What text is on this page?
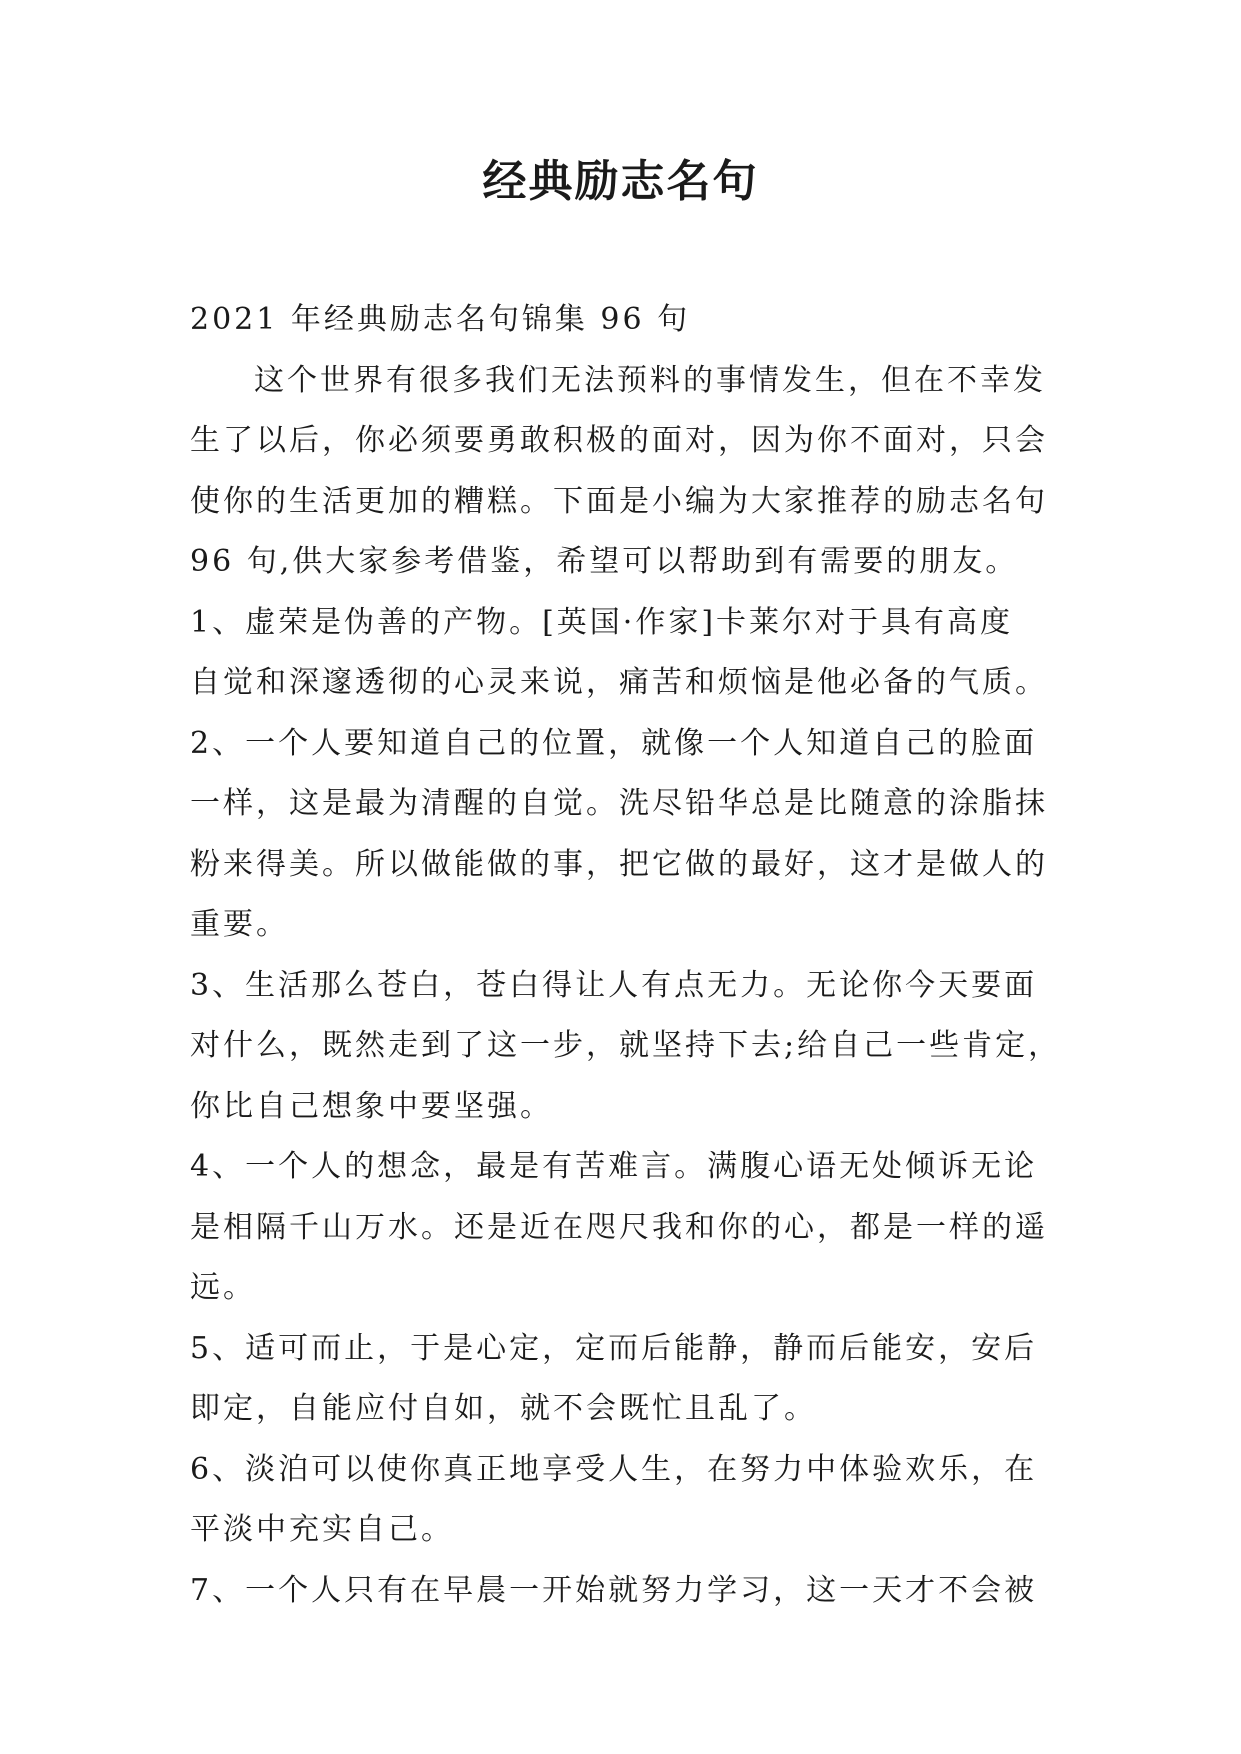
经典励志名句
2021 年经典励志名句锦集 96 句
这个世界有很多我们无法预料的事情发生，但在不幸发
生了以后，你必须要勇敢积极的面对，因为你不面对，只会
使你的生活更加的糟糕。下面是小编为大家推荐的励志名句
96 句,供大家参考借鉴，希望可以帮助到有需要的朋友。
1、虚荣是伪善的产物。[英国·作家]卡莱尔对于具有高度
自觉和深邃透彻的心灵来说，痛苦和烦恼是他必备的气质。
2、一个人要知道自己的位置，就像一个人知道自己的脸面
一样，这是最为清醒的自觉。洗尽铅华总是比随意的涂脂抹
粉来得美。所以做能做的事，把它做的最好，这才是做人的
重要。
3、生活那么苍白，苍白得让人有点无力。无论你今天要面
对什么，既然走到了这一步，就坚持下去;给自己一些肯定，
你比自己想象中要坚强。
4、一个人的想念，最是有苦难言。满腹心语无处倾诉无论
是相隔千山万水。还是近在咫尺我和你的心，都是一样的遥
远。
5、适可而止，于是心定，定而后能静，静而后能安，安后
即定，自能应付自如，就不会既忙且乱了。
6、淡泊可以使你真正地享受人生，在努力中体验欢乐，在
平淡中充实自己。
7、一个人只有在早晨一开始就努力学习，这一天才不会被
